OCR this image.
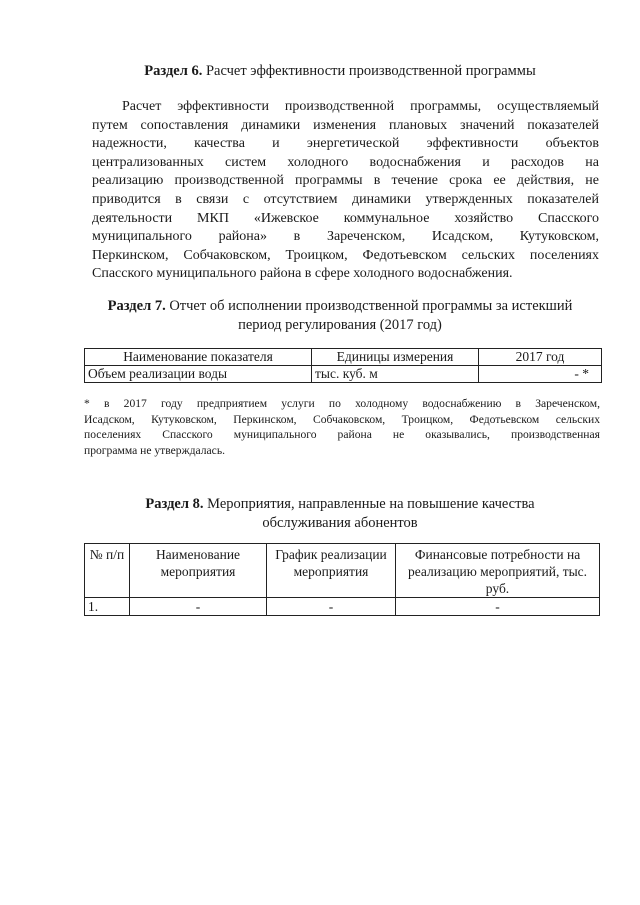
Раздел 6. Расчет эффективности производственной программы
Расчет эффективности производственной программы, осуществляемый
путем сопоставления динамики изменения плановых значений показателей
надежности, качества и энергетической эффективности объектов
централизованных систем холодного водоснабжения и расходов на
реализацию производственной программы в течение срока ее действия, не
приводится в связи с отсутствием динамики утвержденных показателей
деятельности МКП «Ижевское коммунальное хозяйство Спасского
муниципального района» в Зареченском, Исадском, Кутуковском,
Перкинском, Собчаковском, Троицком, Федотьевском сельских поселениях
Спасского муниципального района в сфере холодного водоснабжения.
Раздел 7. Отчет об исполнении производственной программы за истекший
период регулирования (2017 год)
Наименование показателя	Единицы измерения	2017 год
Объем реализации воды	тыс. куб. м	- *
* в 2017 году предприятием услуги по холодному водоснабжению в Зареченском,
Исадском, Кутуковском, Перкинском, Собчаковском, Троицком, Федотьевском сельских
поселениях Спасского муниципального района не оказывались, производственная
программа не утверждалась.
Раздел 8. Мероприятия, направленные на повышение качества
обслуживания абонентов
№ п/п	Наименование мероприятия	График реализации мероприятия	Финансовые потребности на реализацию мероприятий, тыс. руб.
1.	-	-	-
